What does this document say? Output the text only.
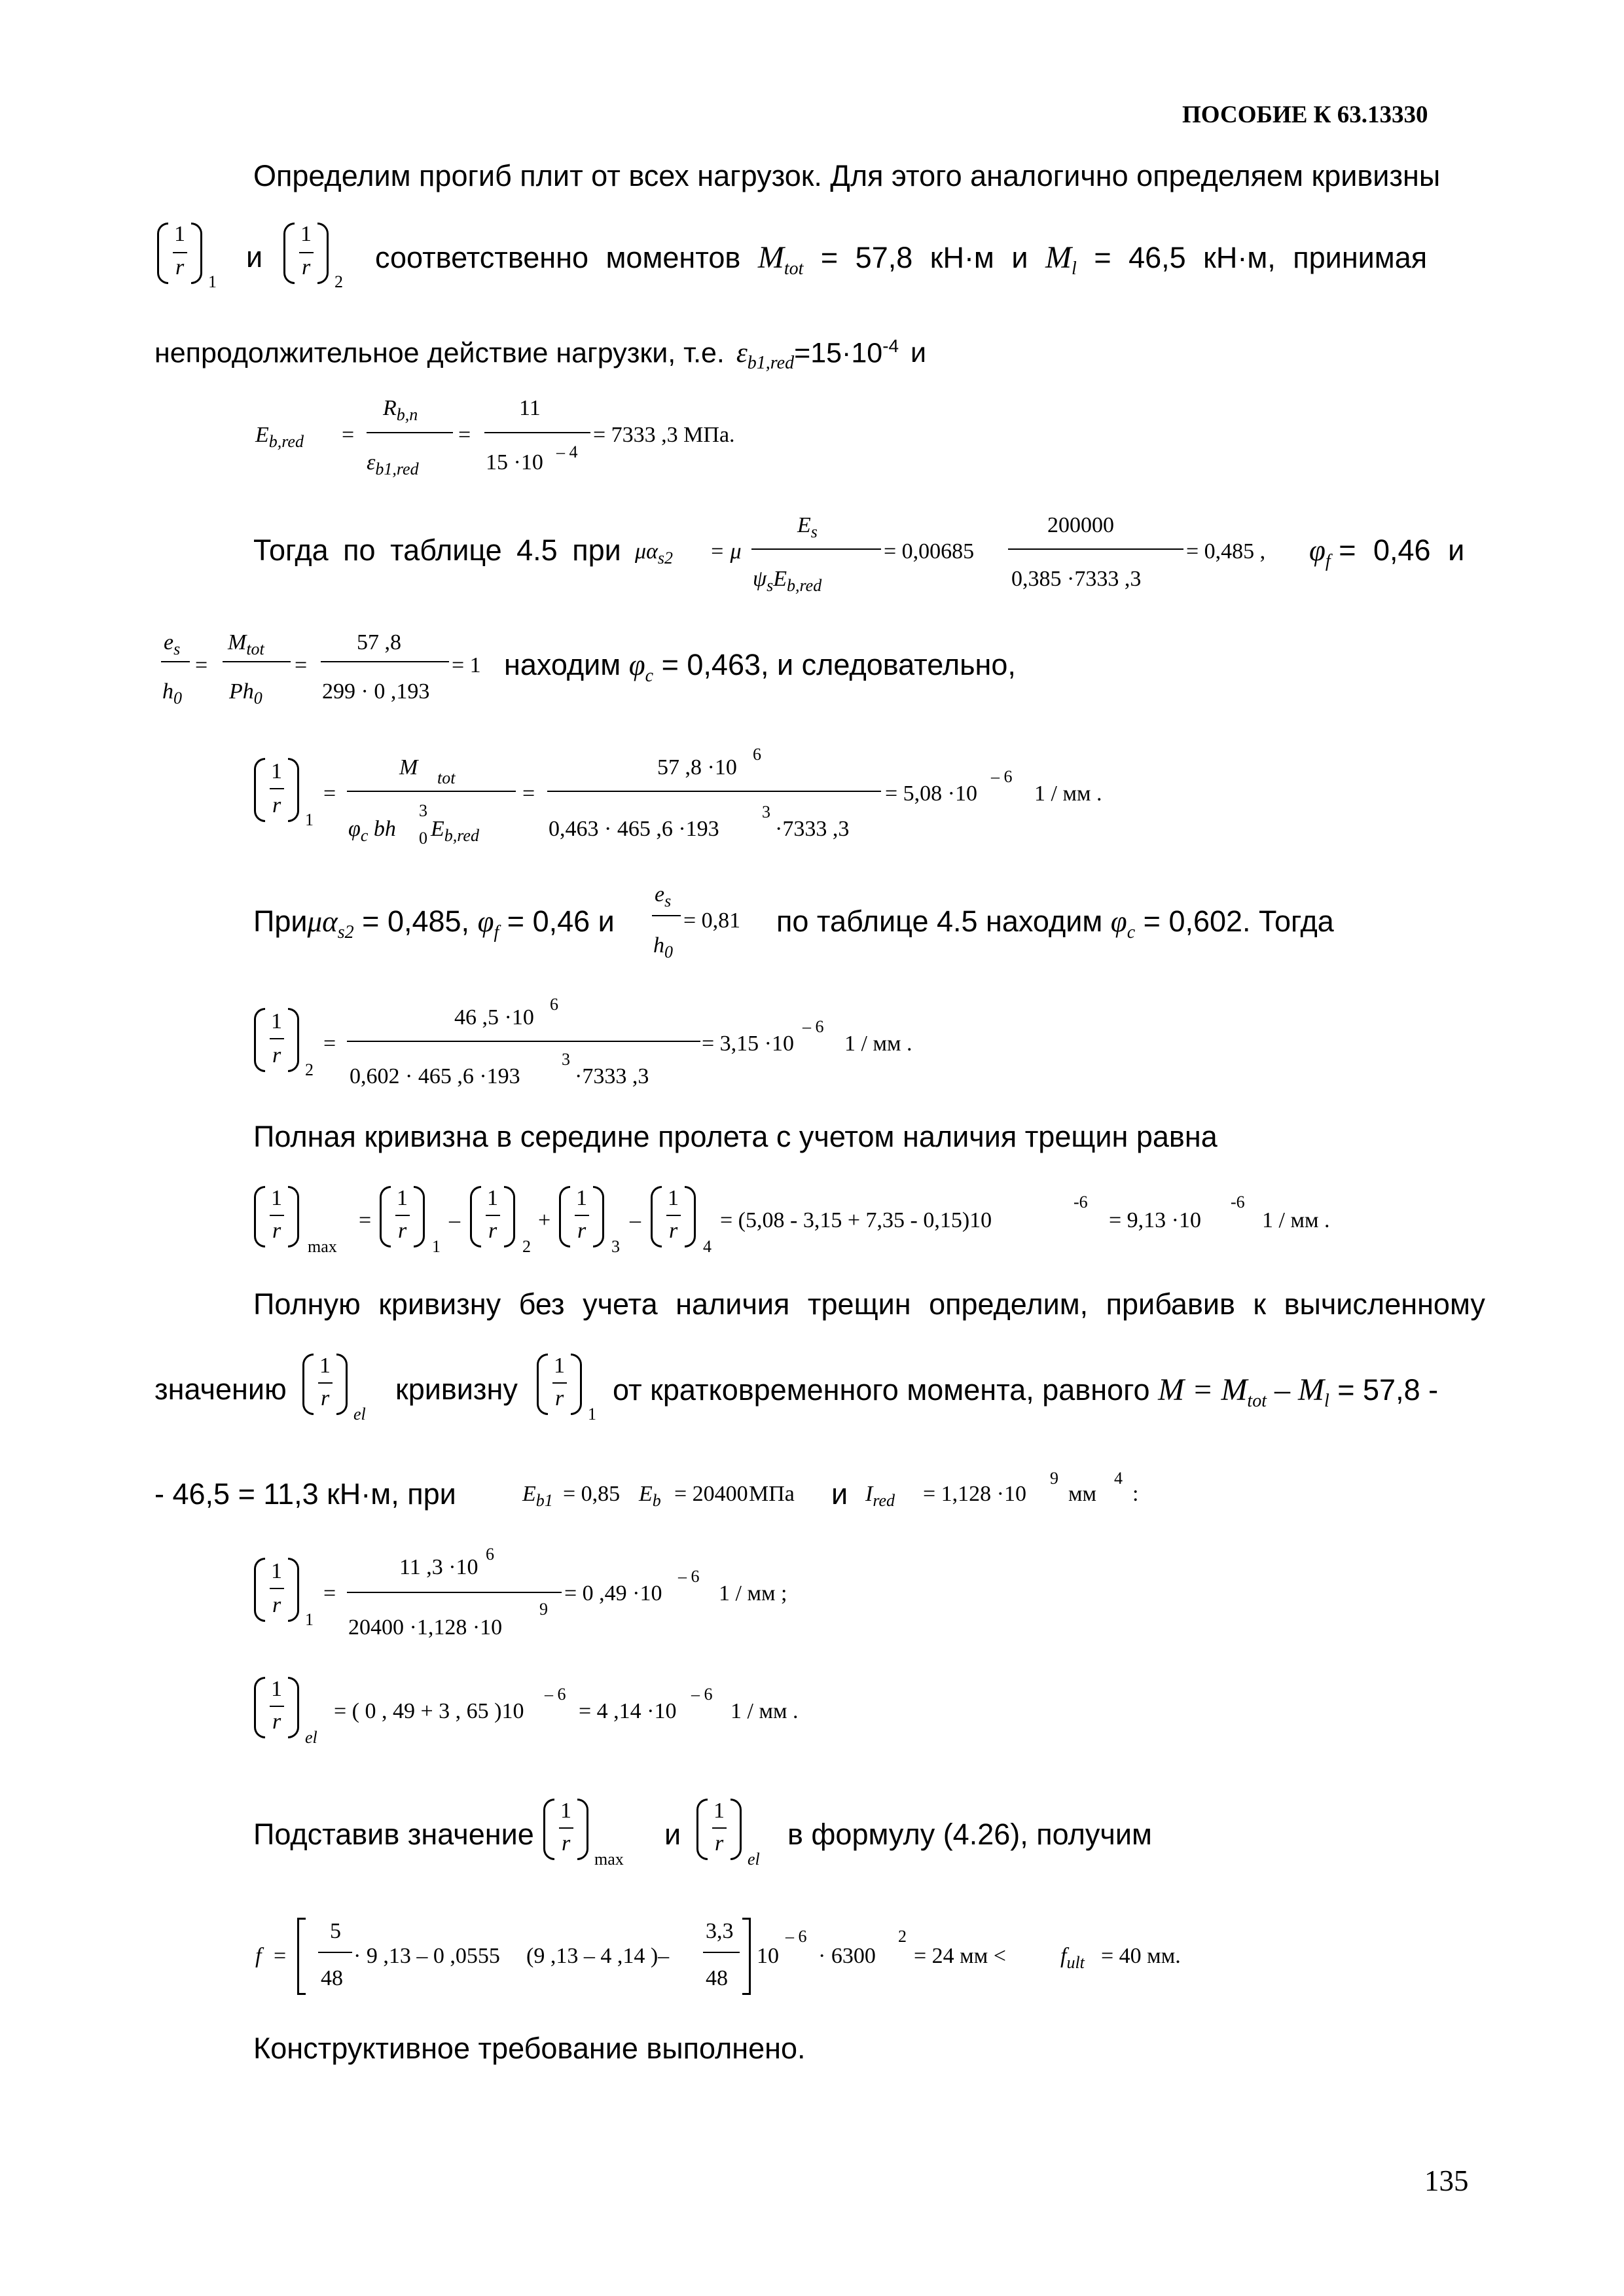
ПОСОБИЕ К 63.13330
Определим прогиб плит от всех нагрузок. Для этого аналогично определяем кривизны
1
r
1
и
1
r
2
соответственно моментов $M_{tot} = 57,8$ кН·м и $M_l = 46,5$ кН·м, принимая
непродолжительное действие нагрузки, т.е. $\varepsilon_{b1,red}=15\cdot 10^{-4}$ и
$E_{b,red}$ =
$R_{b,n}$
$\varepsilon_{b1,red}$
=
11
15 ·10 – 4
= 7333 ,3 МПа.
Тогда по таблице 4.5 при $\mu\alpha_{s2} = \mu$
$E_s$
$\psi_sE_{b,red}$
= 0,00685
200000
0,385 ·7333 ,3
= 0,485 , $\varphi_f = 0,46$ и
$e_s$
$h_0$
=
$M_{tot}$
$Ph_0$
=
57 ,8
299 · 0 ,193
= 1 находим $\varphi_c = 0,463$, и следовательно,
1
r
1
=
M tot
$\varphi_c$ bh
3
0 $E_{b,red}$
=
57 ,8 ·10
6
0,463 · 465 ,6 ·193
3
·7333 ,3
= 5,08 ·10
– 6
1 / мм .
Приμα$_{s2}$ = 0,485, $\varphi_f = 0,46$ и
$e_s$
$h_0$
= 0,81 по таблице 4.5 находим $\varphi_c = 0,602$. Тогда
1
r
2
=
46 ,5 ·10
6
0,602 · 465 ,6 ·193
3
·7333 ,3
= 3,15 ·10
– 6
1 / мм .
Полная кривизна в середине пролета с учетом наличия трещин равна
1
r
max
=
1
r
1
–
1
r
2
+
1
r
3
–
1
r
4
= (5,08 - 3,15 + 7,35 - 0,15)10
-6
= 9,13 ·10
-6
1 / мм .
Полную кривизну без учета наличия трещин определим, прибавив к вычисленному
значению
1
r
el
кривизну
1
r
1
от кратковременного момента, равного $M = M_{tot} - M_l = 57,8$ -
- 46,5 = 11,3 кН·м, при	$E_{b1} = 0,85$ $E_b = 20400$ МПа и $I_{red} = 1,128 \cdot 10$
9
мм
4
:
1
r
1
=
11 ,3 ·10
6
20400 ·1,128 ·10
9
= 0 ,49 ·10
– 6
1 / мм ;
1
r
el
= ( 0 , 49 + 3 , 65 )10
– 6
= 4 ,14 ·10
– 6
1 / мм .
Подставив значение
1
r
max
и
1
r
el
в формулу (4.26), получим
f =
5
48
· 9 ,13 – 0 ,0555 (9 ,13 – 4 ,14 )–
3,3
48
10
– 6
· 6300
2
= 24 мм < $f_{ult} = 40$ мм.
Конструктивное требование выполнено.
135
